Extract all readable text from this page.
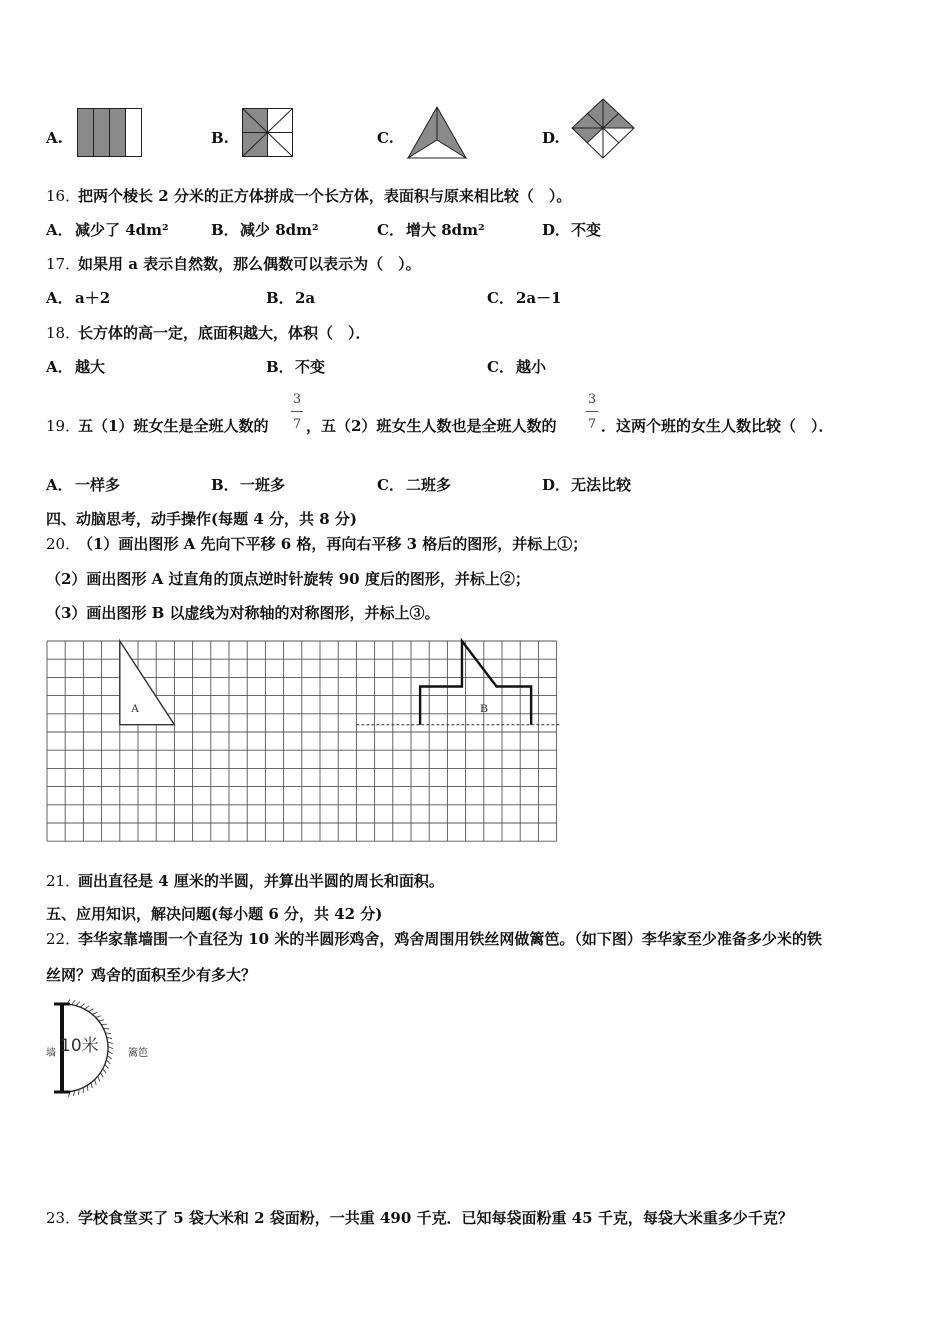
A.	B.	C.	D.
16．
把两个棱长 2 分米的正方体拼成一个长方体，表面积与原来相比较（　）。
A． 减少了 4dm²	B． 减少 8dm²	C． 增大 8dm²	D． 不变
17．
如果用 a 表示自然数，那么偶数可以表示为（　）。
A． a＋2	B． 2a	C． 2a－1
18．
长方体的高一定，底面积越大，体积（　）．
A． 越大	B． 不变	C． 越小
19．
五（1）班女生是全班人数的
3
7 ，五（2）班女生人数也是全班人数的
3
7 ．这两个班的女生人数比较（　）．
A． 一样多	B． 一班多	C． 二班多	D． 无法比较
四、动脑思考，动手操作(每题 4 分，共 8 分)
20．
（1）画出图形 A 先向下平移 6 格，再向右平移 3 格后的图形，并标上①；
（2）画出图形 A 过直角的顶点逆时针旋转 90 度后的图形，并标上②；
（3）画出图形 B 以虚线为对称轴的对称图形，并标上③。
A	B
21．
画出直径是 4 厘米的半圆，并算出半圆的周长和面积。
五、应用知识，解决问题(每小题 6 分，共 42 分)
22．
李华家靠墙围一个直径为 10 米的半圆形鸡舍，鸡舍周围用铁丝网做篱笆。（如下图）李华家至少准备多少米的铁
丝网？鸡舍的面积至少有多大？
墙 10米	篱笆
23．
学校食堂买了 5 袋大米和 2 袋面粉，一共重 490 千克．已知每袋面粉重 45 千克，每袋大米重多少千克？
